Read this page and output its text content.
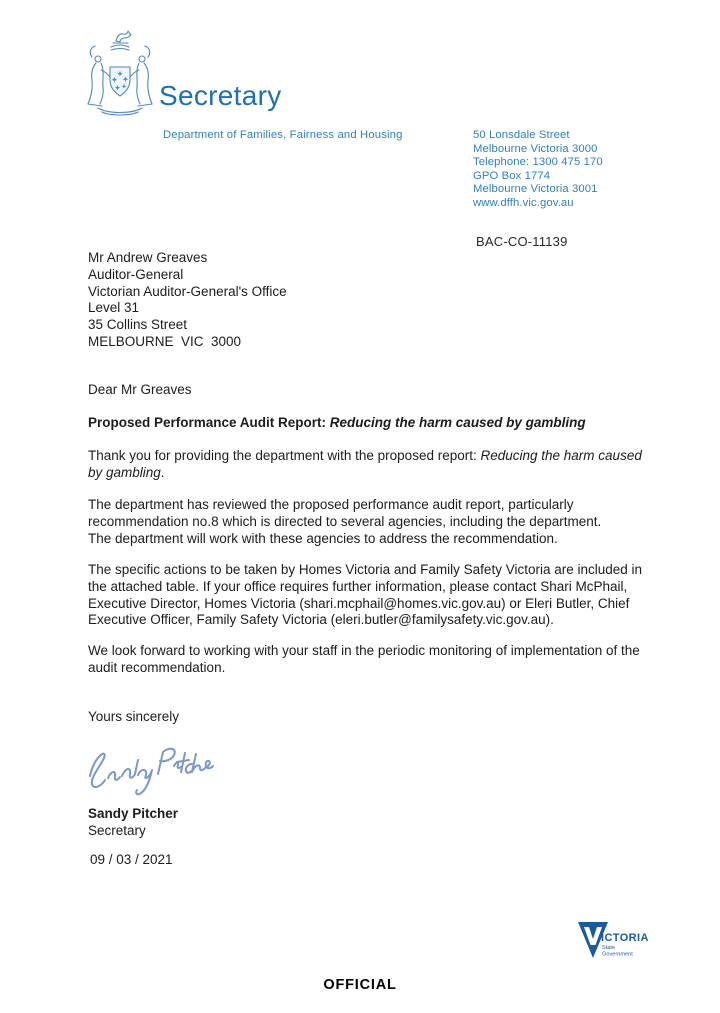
Secretary
Department of Families, Fairness and Housing	50 Lonsdale Street
Melbourne Victoria 3000
Telephone: 1300 475 170
GPO Box 1774
Melbourne Victoria 3001
www.dffh.vic.gov.au
BAC-CO-11139
Mr Andrew Greaves
Auditor-General
Victorian Auditor-General's Office
Level 31
35 Collins Street
MELBOURNE  VIC  3000
Dear Mr Greaves
Proposed Performance Audit Report: Reducing the harm caused by gambling
Thank you for providing the department with the proposed report: Reducing the harm caused
by gambling.
The department has reviewed the proposed performance audit report, particularly
recommendation no.8 which is directed to several agencies, including the department.
The department will work with these agencies to address the recommendation.
The specific actions to be taken by Homes Victoria and Family Safety Victoria are included in
the attached table. If your office requires further information, please contact Shari McPhail,
Executive Director, Homes Victoria (shari.mcphail@homes.vic.gov.au) or Eleri Butler, Chief
Executive Officer, Family Safety Victoria (eleri.butler@familysafety.vic.gov.au).
We look forward to working with your staff in the periodic monitoring of implementation of the
audit recommendation.
Yours sincerely
Sandy Pitcher
Secretary
09 / 03 / 2021
ICTORIA
State
Government
OFFICIAL
